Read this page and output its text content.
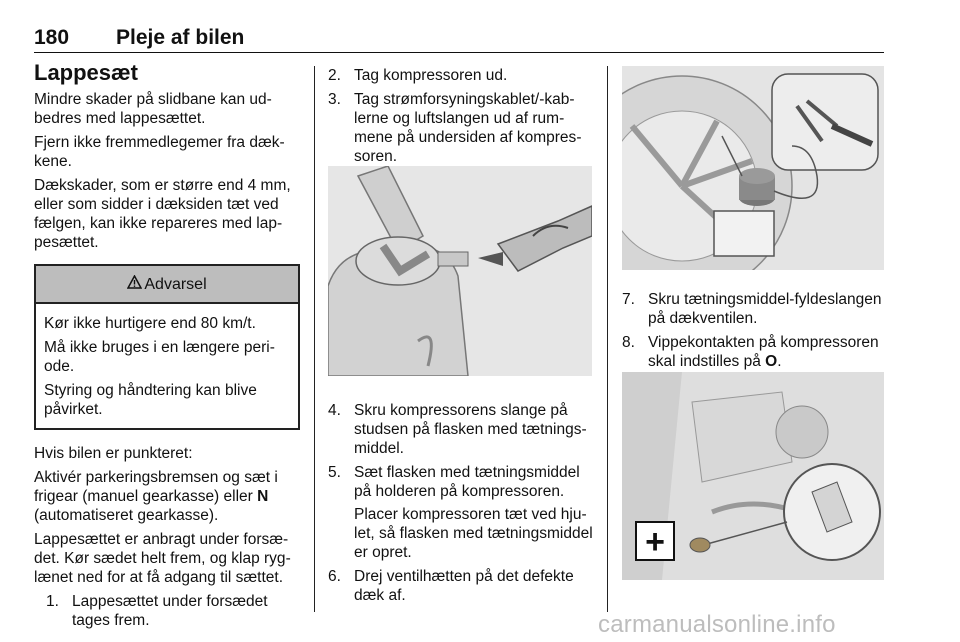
180 Pleje af bilen
Lappesæt

Mindre skader på slidbane kan udbedres med lappesættet.

Fjern ikke fremmedlegemer fra dækkene.

Dækskader, som er større end 4 mm, eller som sidder i dæksiden tæt ved fælgen, kan ikke repareres med lappesættet.

Advarsel

Kør ikke hurtigere end 80 km/t.

Må ikke bruges i en længere periode.

Styring og håndtering kan blive påvirket.

Hvis bilen er punkteret:

Aktivér parkeringsbremsen og sæt i frigear (manuel gearkasse) eller N (automatiseret gearkasse).

Lappesættet er anbragt under forsædet. Kør sædet helt frem, og klap ryglænet ned for at få adgang til sættet.

1. Lappesættet under forsædet tages frem.
2. Tag kompressoren ud.
3. Tag strømforsyningskablet/-kablerne og luftslangen ud af rummene på undersiden af kompressoren.
4. Skru kompressorens slange på studsen på flasken med tætningsmiddel.
5. Sæt flasken med tætningsmiddel på holderen på kompressoren.

Placer kompressoren tæt ved hjulet, så flasken med tætningsmiddel er opret.

6. Drej ventilhætten på det defekte dæk af.
7. Skru tætningsmiddel-fyldeslangen på dækventilen.
8. Vippekontakten på kompressoren skal indstilles på O.
+
carmanualsonline.info
